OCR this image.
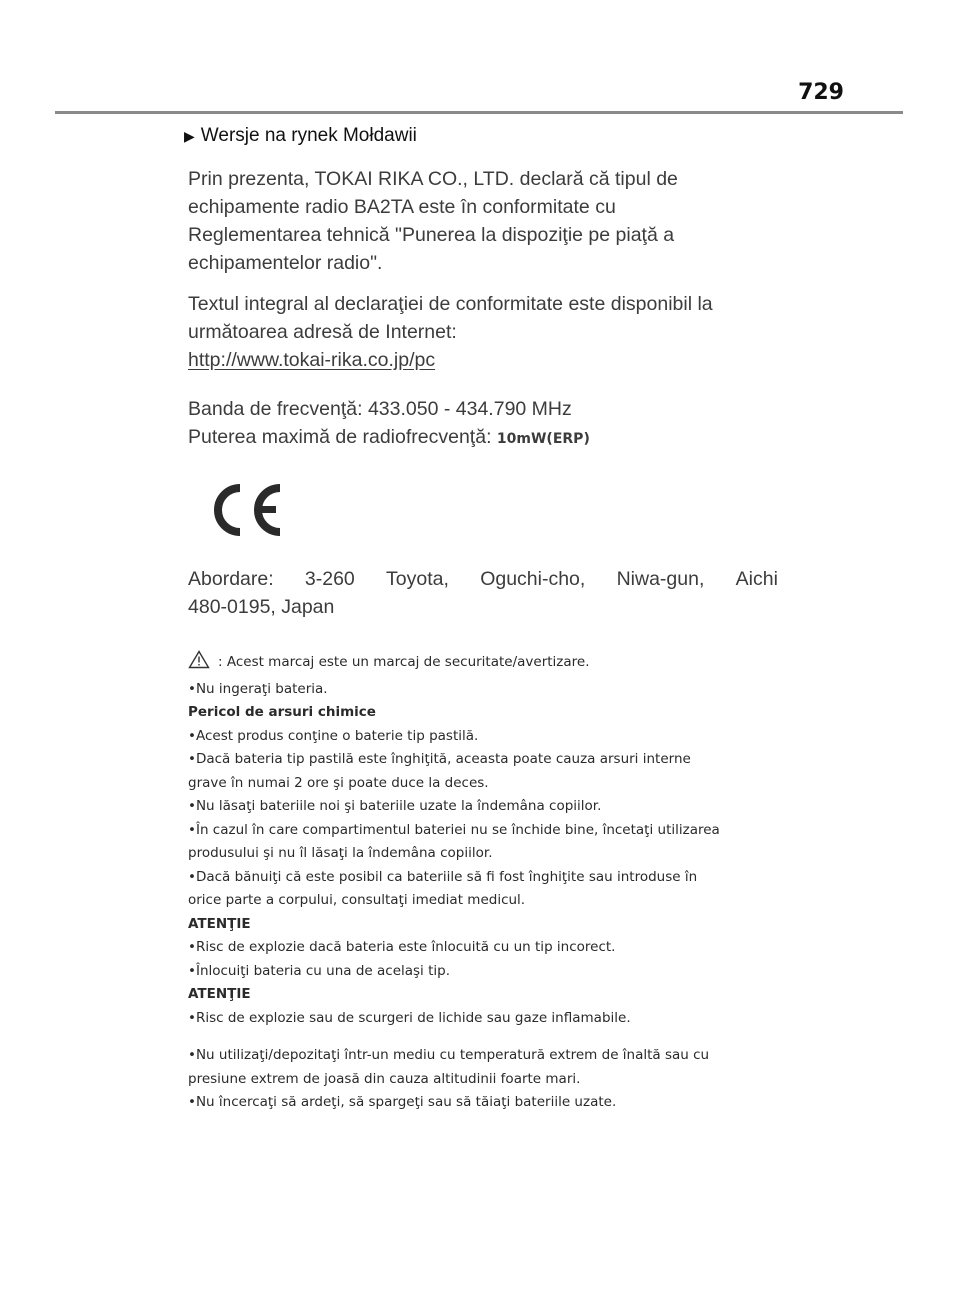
729
▶ Wersje na rynek Mołdawii
Prin prezenta, TOKAI RIKA CO., LTD. declară că tipul de
echipamente radio BA2TA este în conformitate cu
Reglementarea tehnică "Punerea la dispoziţie pe piaţă a
echipamentelor radio".
Textul integral al declaraţiei de conformitate este disponibil la
următoarea adresă de Internet:
http://www.tokai-rika.co.jp/pc
Banda de frecvenţă: 433.050 - 434.790 MHz
Puterea maximă de radiofrecvenţă: 10mW(ERP)
Abordare: 3-260 Toyota, Oguchi-cho, Niwa-gun, Aichi
480-0195, Japan
: Acest marcaj este un marcaj de securitate/avertizare.
•Nu ingeraţi bateria.
Pericol de arsuri chimice
•Acest produs conţine o baterie tip pastilă.
•Dacă bateria tip pastilă este înghiţită, aceasta poate cauza arsuri interne
grave în numai 2 ore şi poate duce la deces.
•Nu lăsaţi bateriile noi şi bateriile uzate la îndemâna copiilor.
•În cazul în care compartimentul bateriei nu se închide bine, încetaţi utilizarea
produsului şi nu îl lăsaţi la îndemâna copiilor.
•Dacă bănuiţi că este posibil ca bateriile să fi fost înghiţite sau introduse în
orice parte a corpului, consultaţi imediat medicul.
ATENŢIE
•Risc de explozie dacă bateria este înlocuită cu un tip incorect.
•Înlocuiţi bateria cu una de acelaşi tip.
ATENŢIE
•Risc de explozie sau de scurgeri de lichide sau gaze inflamabile.
•Nu utilizaţi/depozitaţi într-un mediu cu temperatură extrem de înaltă sau cu
presiune extrem de joasă din cauza altitudinii foarte mari.
•Nu încercaţi să ardeţi, să spargeţi sau să tăiaţi bateriile uzate.
